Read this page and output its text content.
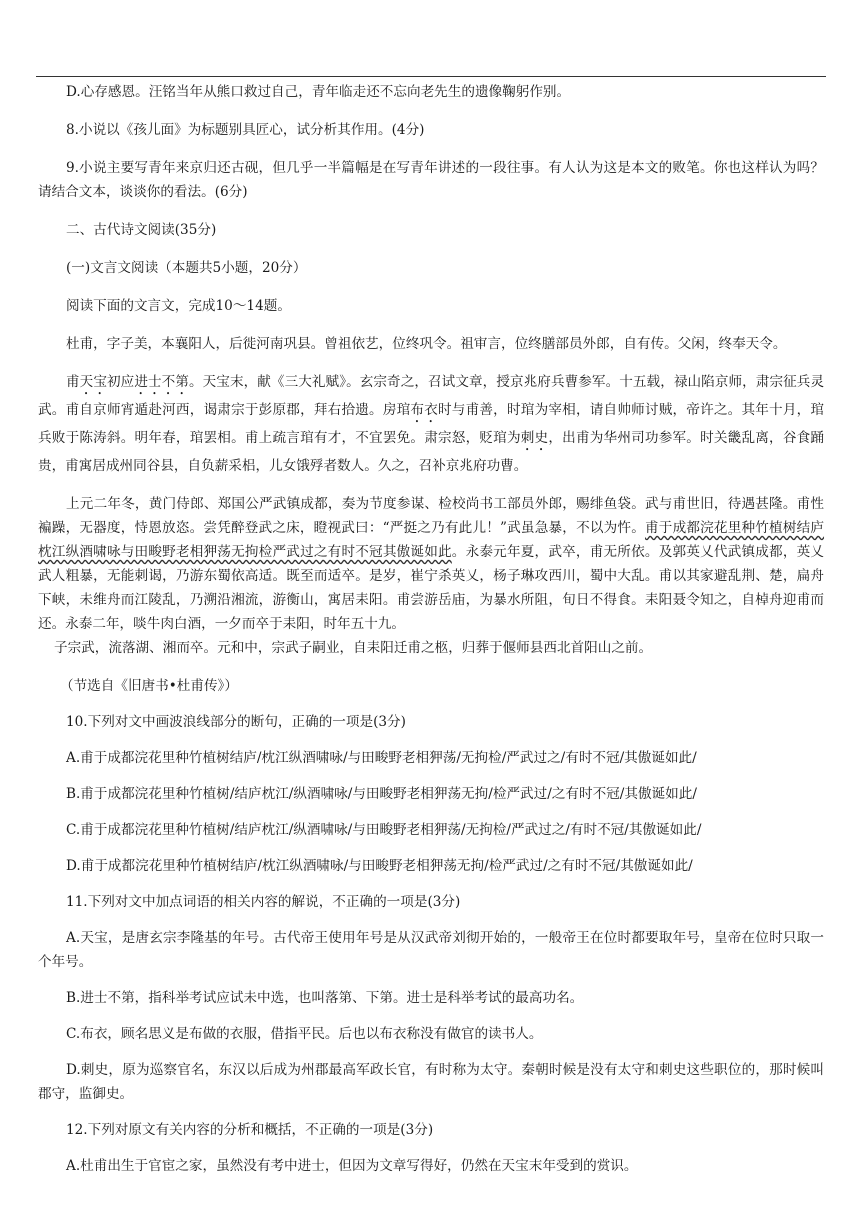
D.心存感恩。汪铭当年从熊口救过自己，青年临走还不忘向老先生的遗像鞠躬作别。

8.小说以《孩儿面》为标题别具匠心，试分析其作用。(4分)

9.小说主要写青年来京归还古砚，但几乎一半篇幅是在写青年讲述的一段往事。有人认为这是本文的败笔。你也这样认为吗？请结合文本，谈谈你的看法。(6分)

二、古代诗文阅读(35分)

(一)文言文阅读（本题共5小题，20分）

阅读下面的文言文，完成10～14题。

杜甫，字子美，本襄阳人，后徙河南巩县。曾祖依艺，位终巩令。祖审言，位终膳部员外郎，自有传。父闲，终奉天令。

甫天宝初应进士不第。天宝末，献《三大礼赋》。玄宗奇之，召试文章，授京兆府兵曹参军。十五载，禄山陷京师，肃宗征兵灵武。甫自京师宵遁赴河西，谒肃宗于彭原郡，拜右拾遗。房琯布衣时与甫善，时琯为宰相，请自帅师讨贼，帝许之。其年十月，琯兵败于陈涛斜。明年春，琯罢相。甫上疏言琯有才，不宜罢免。肃宗怒，贬琯为刺史，出甫为华州司功参军。时关畿乱离，谷食踊贵，甫寓居成州同谷县，自负薪采梠，儿女饿殍者数人。久之，召补京兆府功曹。

上元二年冬，黄门侍郎、郑国公严武镇成都，奏为节度参谋、检校尚书工部员外郎，赐绯鱼袋。武与甫世旧，待遇甚隆。甫性褊躁，无器度，恃恩放恣。尝凭醉登武之床，瞪视武曰：“严挺之乃有此儿！”武虽急暴，不以为忤。甫于成都浣花里种竹植树结庐枕江纵酒啸咏与田畯野老相狎荡无拘检严武过之有时不冠其傲诞如此。永泰元年夏，武卒，甫无所依。及郭英乂代武镇成都，英乂武人粗暴，无能刺谒，乃游东蜀依高适。既至而适卒。是岁，崔宁杀英乂，杨子琳攻西川，蜀中大乱。甫以其家避乱荆、楚，扁舟下峡，未维舟而江陵乱，乃溯沿湘流，游衡山，寓居耒阳。甫尝游岳庙，为暴水所阻，旬日不得食。耒阳聂令知之，自棹舟迎甫而还。永泰二年，啖牛肉白酒，一夕而卒于耒阳，时年五十九。

子宗武，流落湖、湘而卒。元和中，宗武子嗣业，自耒阳迁甫之柩，归葬于偃师县西北首阳山之前。

（节选自《旧唐书•杜甫传》）

10.下列对文中画波浪线部分的断句，正确的一项是(3分)

A.甫于成都浣花里种竹植树结庐/枕江纵酒啸咏/与田畯野老相狎荡/无拘检/严武过之/有时不冠/其傲诞如此/

B.甫于成都浣花里种竹植树/结庐枕江/纵酒啸咏/与田畯野老相狎荡无拘/检严武过/之有时不冠/其傲诞如此/

C.甫于成都浣花里种竹植树/结庐枕江/纵酒啸咏/与田畯野老相狎荡/无拘检/严武过之/有时不冠/其傲诞如此/

D.甫于成都浣花里种竹植树结庐/枕江纵酒啸咏/与田畯野老相狎荡无拘/检严武过/之有时不冠/其傲诞如此/

11.下列对文中加点词语的相关内容的解说，不正确的一项是(3分)

A.天宝，是唐玄宗李隆基的年号。古代帝王使用年号是从汉武帝刘彻开始的，一般帝王在位时都要取年号，皇帝在位时只取一个年号。

B.进士不第，指科举考试应试未中选，也叫落第、下第。进士是科举考试的最高功名。

C.布衣，顾名思义是布做的衣服，借指平民。后也以布衣称没有做官的读书人。

D.刺史，原为巡察官名，东汉以后成为州郡最高军政长官，有时称为太守。秦朝时候是没有太守和刺史这些职位的，那时候叫郡守，监御史。

12.下列对原文有关内容的分析和概括，不正确的一项是(3分)

A.杜甫出生于官宦之家，虽然没有考中进士，但因为文章写得好，仍然在天宝末年受到的赏识。
